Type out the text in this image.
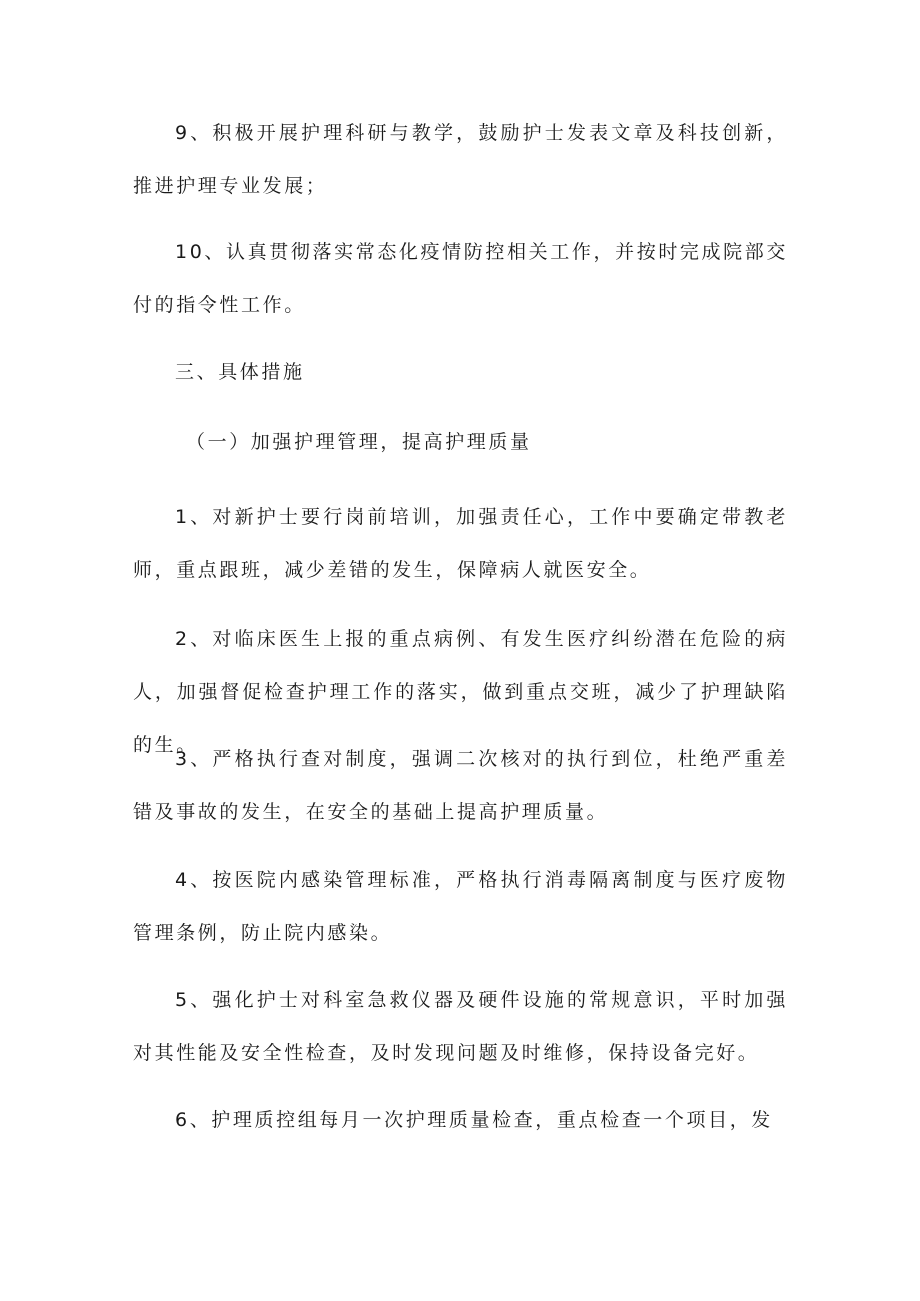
9、积极开展护理科研与教学，鼓励护士发表文章及科技创新，推进护理专业发展；

10、认真贯彻落实常态化疫情防控相关工作，并按时完成院部交付的指令性工作。

三、具体措施
（一）加强护理管理，提高护理质量

1、对新护士要行岗前培训，加强责任心，工作中要确定带教老师，重点跟班，减少差错的发生，保障病人就医安全。

2、对临床医生上报的重点病例、有发生医疗纠纷潜在危险的病人，加强督促检查护理工作的落实，做到重点交班，减少了护理缺陷的生。

3、严格执行查对制度，强调二次核对的执行到位，杜绝严重差错及事故的发生，在安全的基础上提高护理质量。

4、按医院内感染管理标准，严格执行消毒隔离制度与医疗废物管理条例，防止院内感染。

5、强化护士对科室急救仪器及硬件设施的常规意识，平时加强对其性能及安全性检查，及时发现问题及时维修，保持设备完好。

6、护理质控组每月一次护理质量检查，重点检查一个项目，发
